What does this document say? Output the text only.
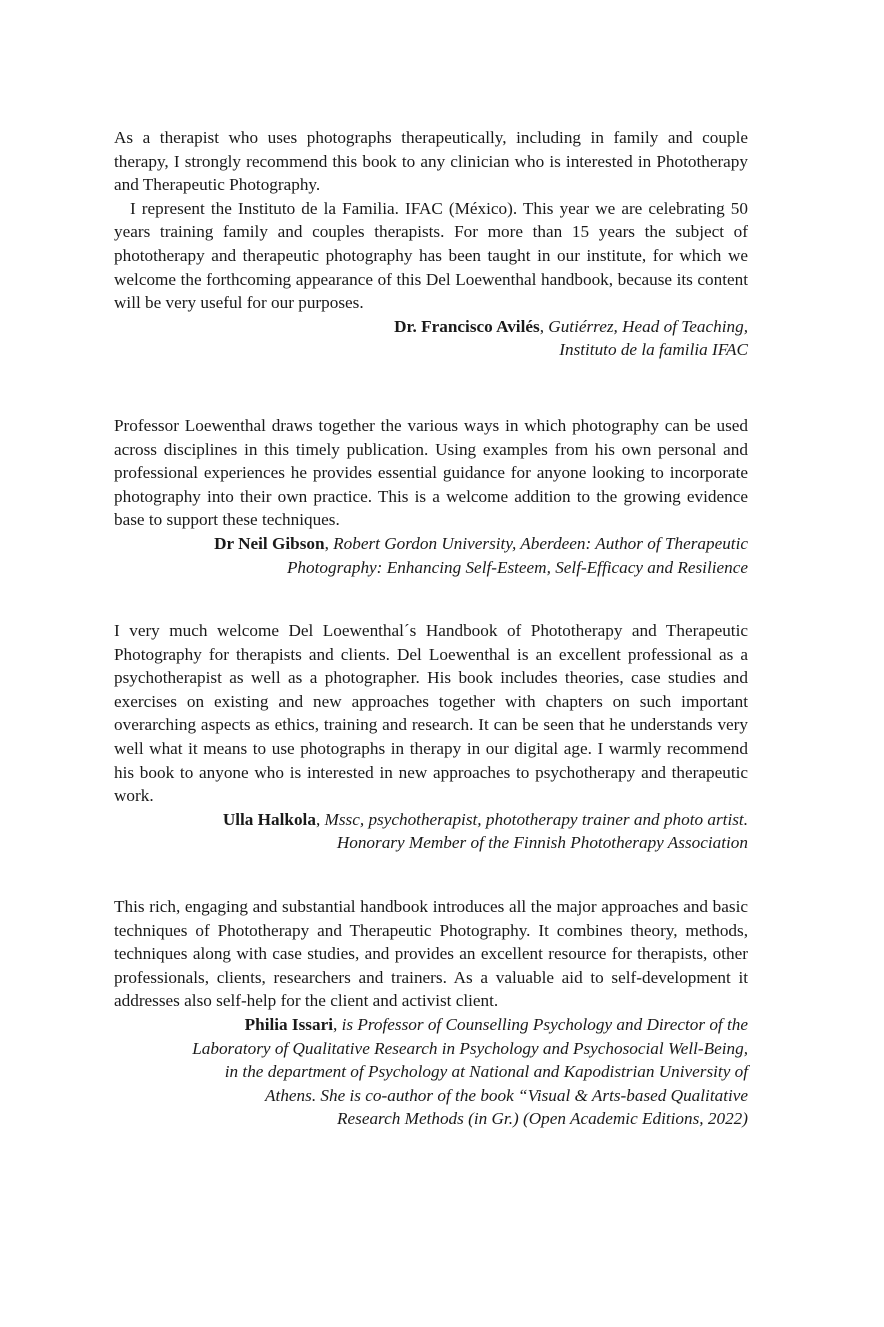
As a therapist who uses photographs therapeutically, including in family and couple therapy, I strongly recommend this book to any clinician who is interested in Phototherapy and Therapeutic Photography.

I represent the Instituto de la Familia. IFAC (México). This year we are celebrating 50 years training family and couples therapists. For more than 15 years the subject of phototherapy and therapeutic photography has been taught in our institute, for which we welcome the forthcoming appearance of this Del Loewenthal handbook, because its content will be very useful for our purposes.

Dr. Francisco Avilés, Gutiérrez, Head of Teaching,

Instituto de la familia IFAC

Professor Loewenthal draws together the various ways in which photography can be used across disciplines in this timely publication. Using examples from his own personal and professional experiences he provides essential guidance for anyone looking to incorporate photography into their own practice. This is a welcome addition to the growing evidence base to support these techniques.

Dr Neil Gibson, Robert Gordon University, Aberdeen: Author of Therapeutic

Photography: Enhancing Self-Esteem, Self-Efficacy and Resilience

I very much welcome Del Loewenthal´s Handbook of Phototherapy and Therapeutic Photography for therapists and clients. Del Loewenthal is an excellent professional as a psychotherapist as well as a photographer. His book includes theories, case studies and exercises on existing and new approaches together with chapters on such important overarching aspects as ethics, training and research. It can be seen that he understands very well what it means to use photographs in therapy in our digital age. I warmly recommend his book to anyone who is interested in new approaches to psychotherapy and therapeutic work.

Ulla Halkola, Mssc, psychotherapist, phototherapy trainer and photo artist.

Honorary Member of the Finnish Phototherapy Association

This rich, engaging and substantial handbook introduces all the major approaches and basic techniques of Phototherapy and Therapeutic Photography. It combines theory, methods, techniques along with case studies, and provides an excellent resource for therapists, other professionals, clients, researchers and trainers. As a valuable aid to self-development it addresses also self-help for the client and activist client.

Philia Issari, is Professor of Counselling Psychology and Director of the

Laboratory of Qualitative Research in Psychology and Psychosocial Well-Being,

in the department of Psychology at National and Kapodistrian University of

Athens. She is co-author of the book “Visual & Arts-based Qualitative

Research Methods (in Gr.) (Open Academic Editions, 2022)
